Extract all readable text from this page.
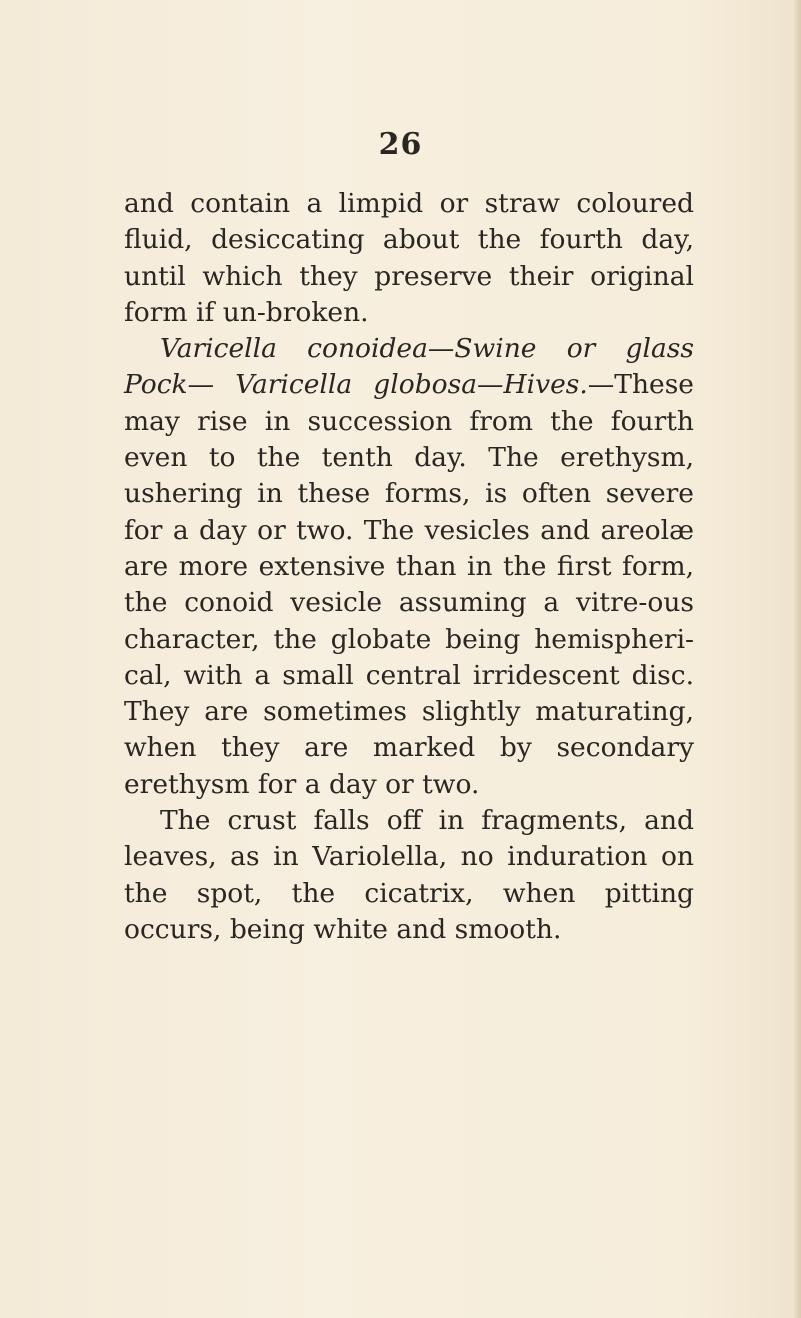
26

and contain a limpid or straw coloured fluid, desiccating about the fourth day, until which they preserve their original form if un-broken.

Varicella conoidea—Swine or glass Pock— Varicella globosa—Hives.—These may rise in succession from the fourth even to the tenth day. The erethysm, ushering in these forms, is often severe for a day or two. The vesicles and areolæ are more extensive than in the first form, the conoid vesicle assuming a vitre-ous character, the globate being hemispheri-cal, with a small central irridescent disc. They are sometimes slightly maturating, when they are marked by secondary erethysm for a day or two.

The crust falls off in fragments, and leaves, as in Variolella, no induration on the spot, the cicatrix, when pitting occurs, being white and smooth.
